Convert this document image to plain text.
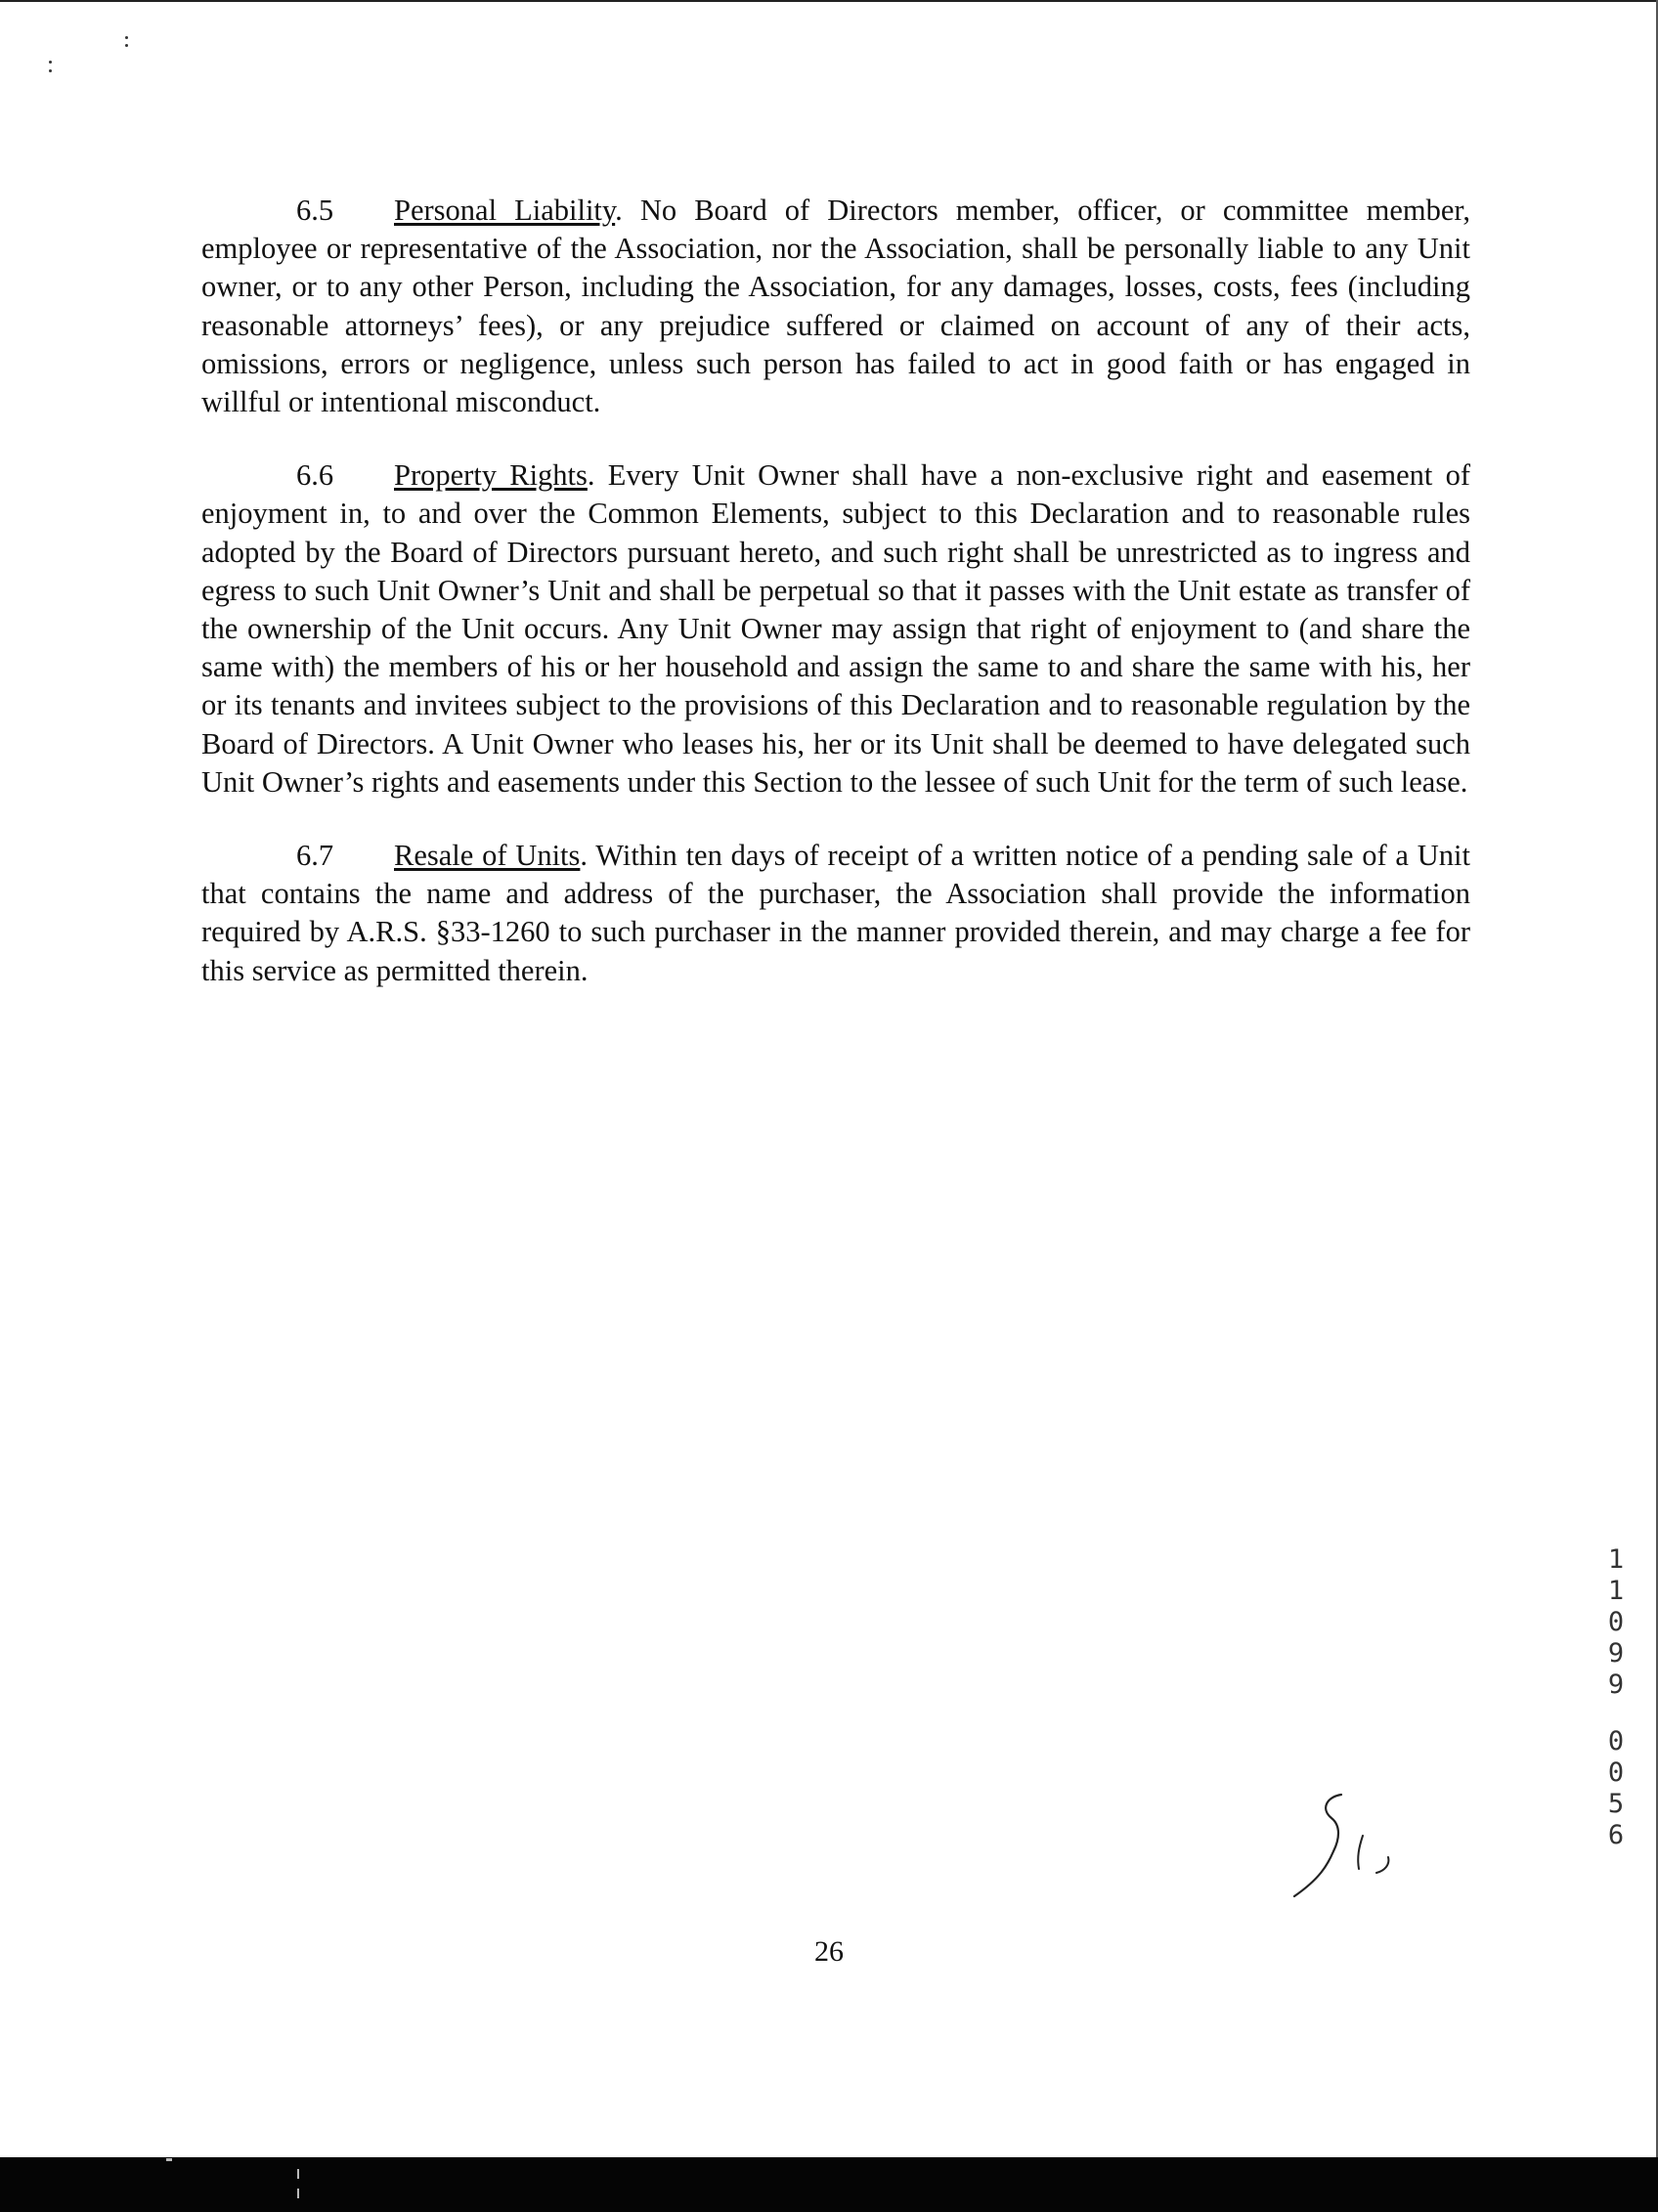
6.5 Personal Liability. No Board of Directors member, officer, or committee member, employee or representative of the Association, nor the Association, shall be personally liable to any Unit owner, or to any other Person, including the Association, for any damages, losses, costs, fees (including reasonable attorneys’ fees), or any prejudice suffered or claimed on account of any of their acts, omissions, errors or negligence, unless such person has failed to act in good faith or has engaged in willful or intentional misconduct.

6.6 Property Rights. Every Unit Owner shall have a non-exclusive right and easement of enjoyment in, to and over the Common Elements, subject to this Declaration and to reasonable rules adopted by the Board of Directors pursuant hereto, and such right shall be unrestricted as to ingress and egress to such Unit Owner’s Unit and shall be perpetual so that it passes with the Unit estate as transfer of the ownership of the Unit occurs. Any Unit Owner may assign that right of enjoyment to (and share the same with) the members of his or her household and assign the same to and share the same with his, her or its tenants and invitees subject to the provisions of this Declaration and to reasonable regulation by the Board of Directors. A Unit Owner who leases his, her or its Unit shall be deemed to have delegated such Unit Owner’s rights and easements under this Section to the lessee of such Unit for the term of such lease.

6.7 Resale of Units. Within ten days of receipt of a written notice of a pending sale of a Unit that contains the name and address of the purchaser, the Association shall provide the information required by A.R.S. §33-1260 to such purchaser in the manner provided therein, and may charge a fee for this service as permitted therein.

1
1
0
9
9
0
0
5
6
26
